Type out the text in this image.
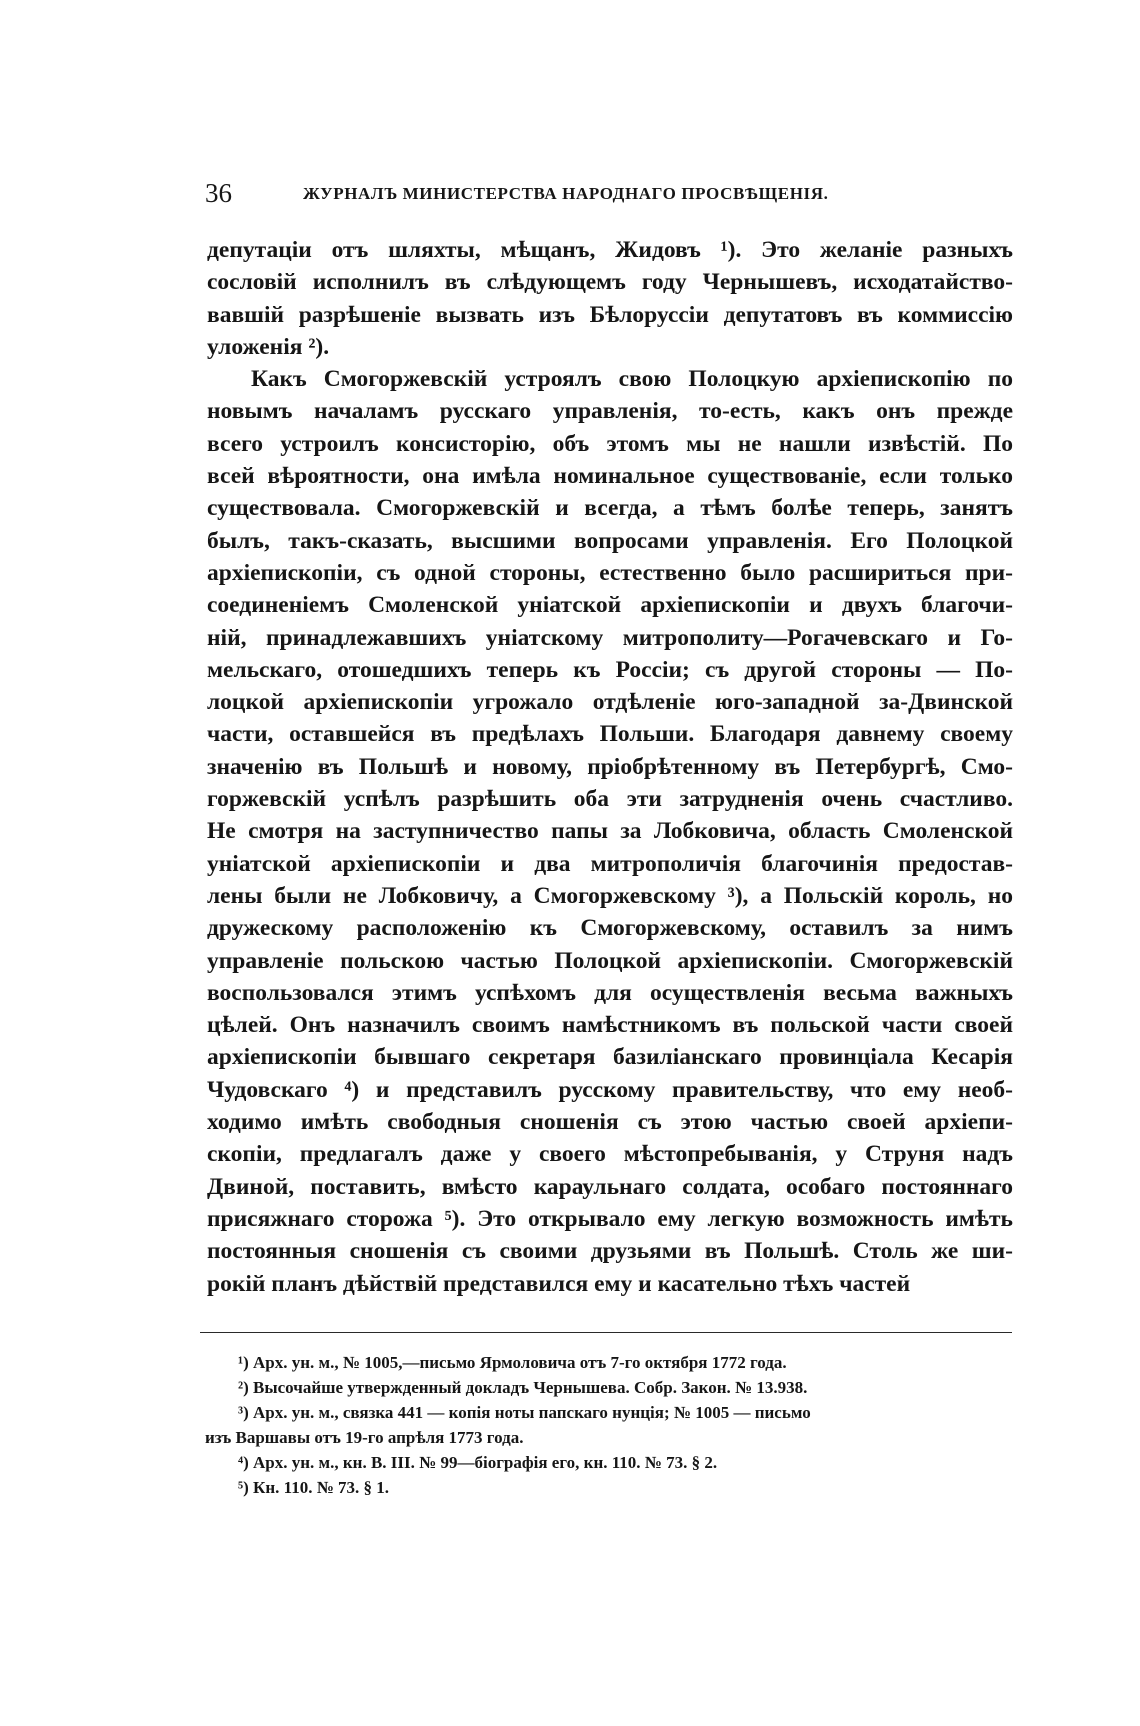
36	ЖУРНАЛЪ МИНИСТЕРСТВА НАРОДНАГО ПРОСВѢЩЕНІЯ.
депутаціи отъ шляхты, мѣщанъ, Жидовъ ¹). Это желаніе разныхъ
сословій исполнилъ въ слѣдующемъ году Чернышевъ, исходатайство-
вавшій разрѣшеніе вызвать изъ Бѣлоруссіи депутатовъ въ коммиссію
уложенія ²).
Какъ Смогоржевскій устроялъ свою Полоцкую архіепископію по
новымъ началамъ русскаго управленія, то-есть, какъ онъ прежде
всего устроилъ консисторію, объ этомъ мы не нашли извѣстій. По
всей вѣроятности, она имѣла номинальное существованіе, если только
существовала. Смогоржевскій и всегда, а тѣмъ болѣе теперь, занятъ
былъ, такъ-сказать, высшими вопросами управленія. Его Полоцкой
архіепископіи, съ одной стороны, естественно было расшириться при-
соединеніемъ Смоленской уніатской архіепископіи и двухъ благочи-
ній, принадлежавшихъ уніатскому митрополиту—Рогачевскаго и Го-
мельскаго, отошедшихъ теперь къ Россіи; съ другой стороны — По-
лоцкой архіепископіи угрожало отдѣленіе юго-западной за-Двинской
части, оставшейся въ предѣлахъ Польши. Благодаря давнему своему
значенію въ Польшѣ и новому, пріобрѣтенному въ Петербургѣ, Смо-
горжевскій успѣлъ разрѣшить оба эти затрудненія очень счастливо.
Не смотря на заступничество папы за Лобковича, область Смоленской
уніатской архіепископіи и два митрополичія благочинія предостав-
лены были не Лобковичу, а Смогоржевскому ³), а Польскій король, но
дружескому расположенію къ Смогоржевскому, оставилъ за нимъ
управленіе польскою частью Полоцкой архіепископіи. Смогоржевскій
воспользовался этимъ успѣхомъ для осуществленія весьма важныхъ
цѣлей. Онъ назначилъ своимъ намѣстникомъ въ польской части своей
архіепископіи бывшаго секретаря базиліанскаго провинціала Кесарія
Чудовскаго ⁴) и представилъ русскому правительству, что ему необ-
ходимо имѣть свободныя сношенія съ этою частью своей архіепи-
скопіи, предлагалъ даже у своего мѣстопребыванія, у Струня надъ
Двиной, поставить, вмѣсто караульнаго солдата, особаго постояннаго
присяжнаго сторожа ⁵). Это открывало ему легкую возможность имѣть
постоянныя сношенія съ своими друзьями въ Польшѣ. Столь же ши-
рокій планъ дѣйствій представился ему и касательно тѣхъ частей
¹) Арх. ун. м., № 1005,—письмо Ярмоловича отъ 7-го октября 1772 года.
²) Высочайше утвержденный докладъ Чернышева. Собр. Закон. № 13.938.
³) Арх. ун. м., связка 441 — копія ноты папскаго нунція; № 1005 — письмо
изъ Варшавы отъ 19-го апрѣля 1773 года.
⁴) Арх. ун. м., кн. В. III. № 99—біографія его, кн. 110. № 73. § 2.
⁵) Кн. 110. № 73. § 1.
